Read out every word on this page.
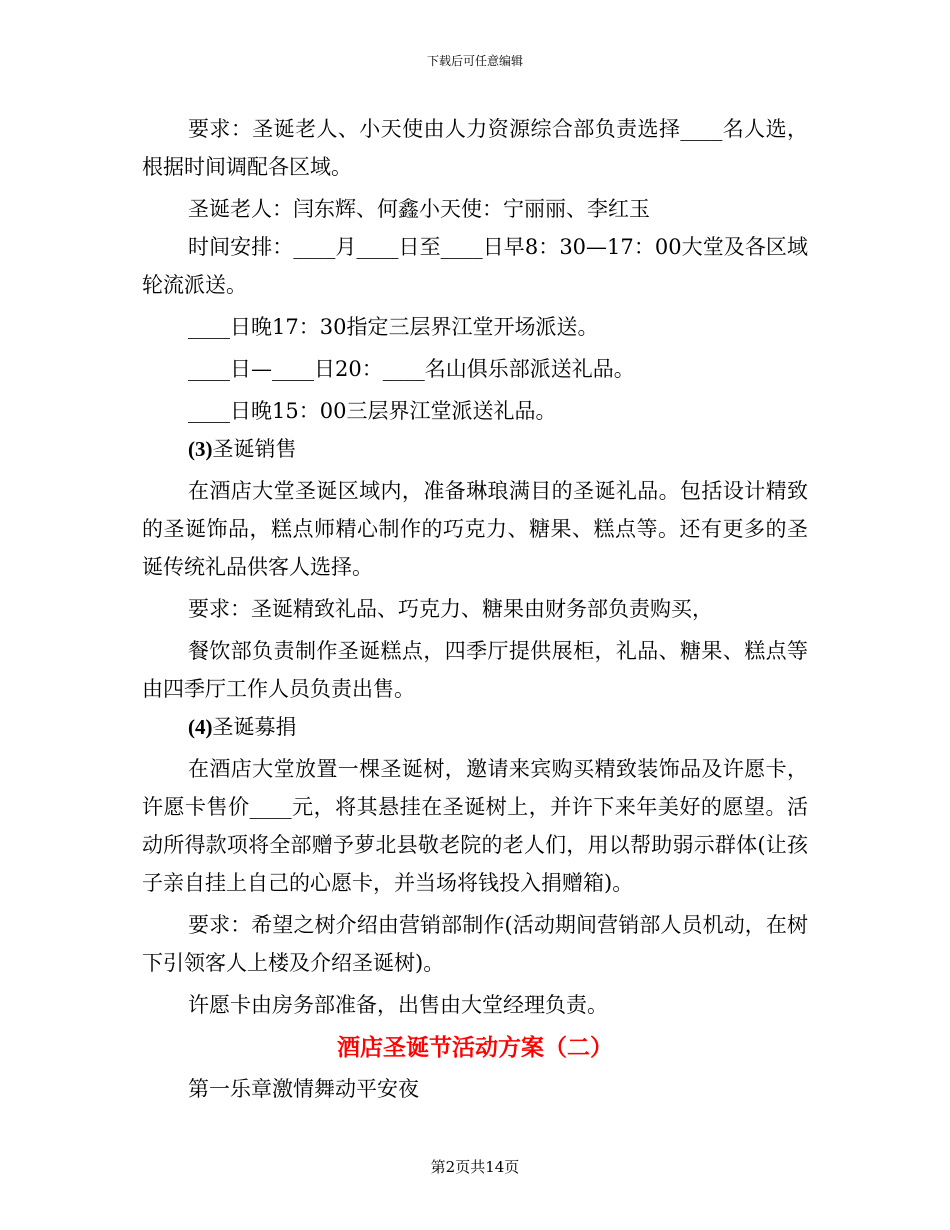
下载后可任意编辑

要求：圣诞老人、小天使由人力资源综合部负责选择____名人选，根据时间调配各区域。

圣诞老人：闫东辉、何鑫小天使：宁丽丽、李红玉

时间安排：____月____日至____日早8：30—17：00大堂及各区域轮流派送。

____日晚17：30指定三层界江堂开场派送。

____日—____日20：____名山俱乐部派送礼品。

____日晚15：00三层界江堂派送礼品。

(3)圣诞销售

在酒店大堂圣诞区域内，准备琳琅满目的圣诞礼品。包括设计精致的圣诞饰品，糕点师精心制作的巧克力、糖果、糕点等。还有更多的圣诞传统礼品供客人选择。

要求：圣诞精致礼品、巧克力、糖果由财务部负责购买，

餐饮部负责制作圣诞糕点，四季厅提供展柜，礼品、糖果、糕点等由四季厅工作人员负责出售。

(4)圣诞募捐

在酒店大堂放置一棵圣诞树，邀请来宾购买精致装饰品及许愿卡，许愿卡售价____元，将其悬挂在圣诞树上，并许下来年美好的愿望。活动所得款项将全部赠予萝北县敬老院的老人们，用以帮助弱示群体(让孩子亲自挂上自己的心愿卡，并当场将钱投入捐赠箱)。

要求：希望之树介绍由营销部制作(活动期间营销部人员机动，在树下引领客人上楼及介绍圣诞树)。

许愿卡由房务部准备，出售由大堂经理负责。

酒店圣诞节活动方案（二）

第一乐章激情舞动平安夜

第2页共14页
